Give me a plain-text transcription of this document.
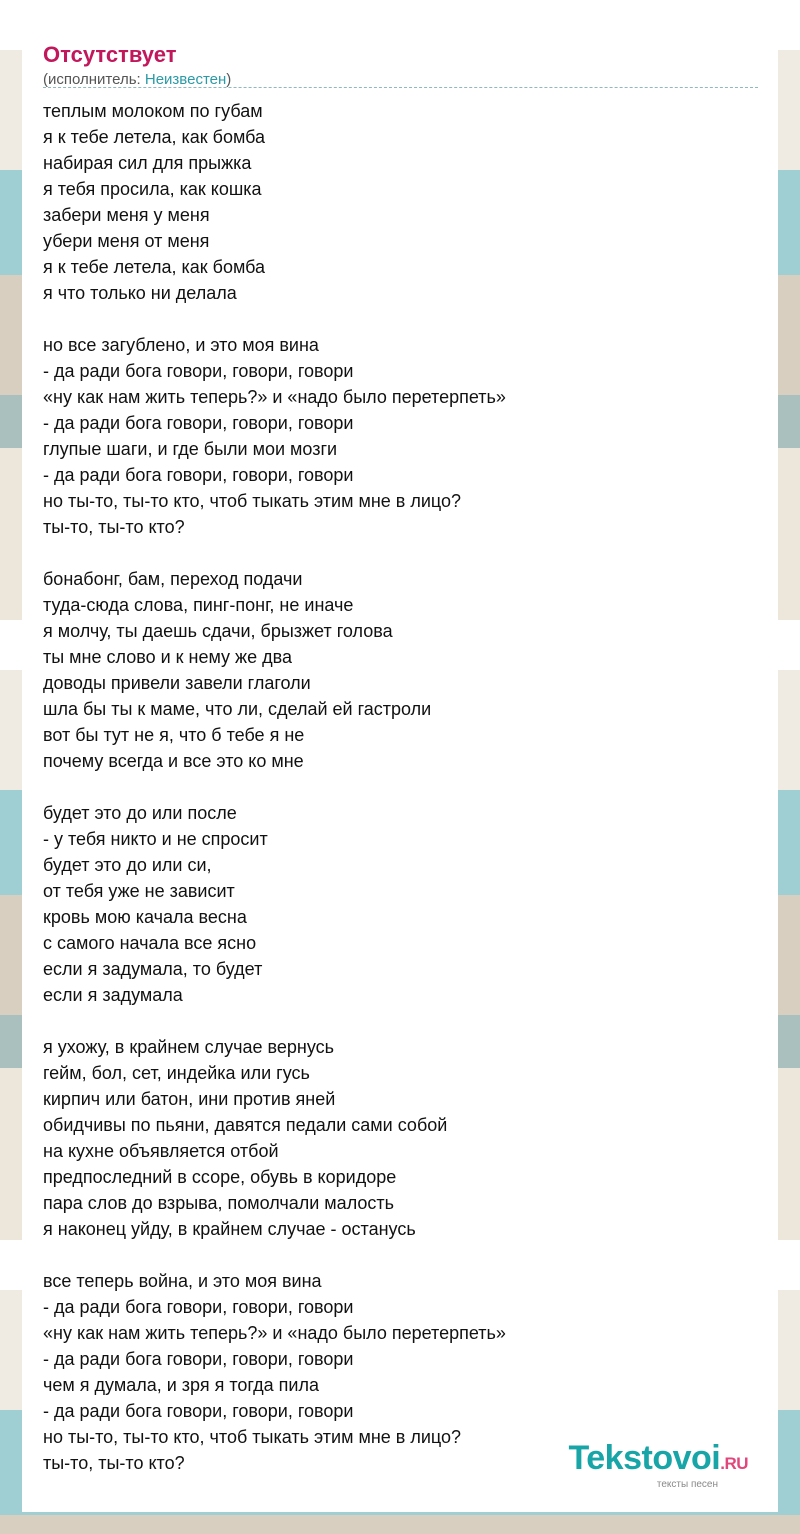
Отсутствует
(исполнитель: Неизвестен)
теплым молоком по губам
я к тебе летела, как бомба
набирая сил для прыжка
я тебя просила, как кошка
забери меня у меня
убери меня от меня
я к тебе летела, как бомба
я что только ни делала
но все загублено, и это моя вина
- да ради бога говори, говори, говори
«ну как нам жить теперь?» и «надо было перетерпеть»
- да ради бога говори, говори, говори
глупые шаги, и где были мои мозги
- да ради бога говори, говори, говори
но ты-то, ты-то кто, чтоб тыкать этим мне в лицо?
ты-то, ты-то кто?
бонабонг, бам, переход подачи
туда-сюда слова, пинг-понг, не иначе
я молчу, ты даешь сдачи, брызжет голова
ты мне слово и к нему же два
доводы привели завели глаголи
шла бы ты к маме, что ли, сделай ей гастроли
вот бы тут не я, что б тебе я не
почему всегда и все это ко мне
будет это до или после
- у тебя никто и не спросит
будет это до или си,
от тебя уже не зависит
кровь мою качала весна
с самого начала все ясно
если я задумала, то будет
если я задумала
я ухожу, в крайнем случае вернусь
гейм, бол, сет, индейка или гусь
кирпич или батон, ини против яней
обидчивы по пьяни, давятся педали сами собой
на кухне объявляется отбой
предпоследний в ссоре, обувь в коридоре
пара слов до взрыва, помолчали малость
я наконец уйду, в крайнем случае - останусь
все теперь война, и это моя вина
- да ради бога говори, говори, говори
«ну как нам жить теперь?» и «надо было перетерпеть»
- да ради бога говори, говори, говори
чем я думала, и зря я тогда пила
- да ради бога говори, говори, говори
но ты-то, ты-то кто, чтоб тыкать этим мне в лицо?
ты-то, ты-то кто?	Tekstovoi.RU
тексты песен
